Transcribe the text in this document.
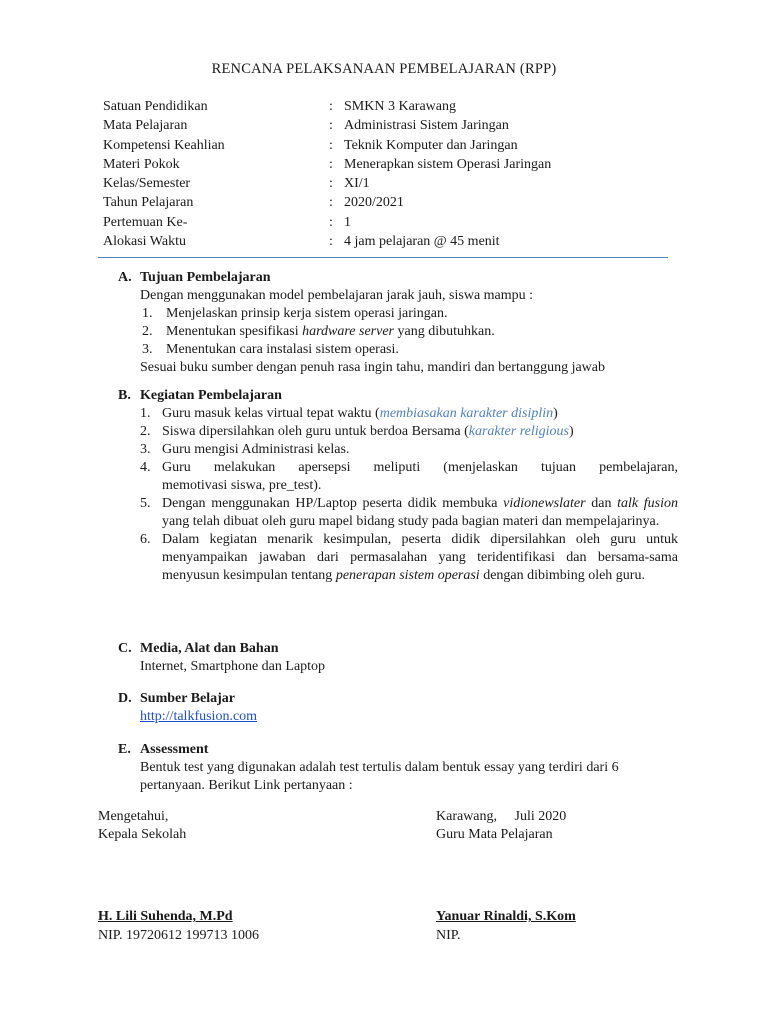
RENCANA PELAKSANAAN PEMBELAJARAN (RPP)
Satuan Pendidikan	: SMKN 3 Karawang
Mata Pelajaran	: Administrasi Sistem Jaringan
Kompetensi Keahlian	: Teknik Komputer dan Jaringan
Materi Pokok	: Menerapkan sistem Operasi Jaringan
Kelas/Semester	: XI/1
Tahun Pelajaran	: 2020/2021
Pertemuan Ke-	: 1
Alokasi Waktu	: 4 jam pelajaran @ 45 menit
A. Tujuan Pembelajaran
Dengan menggunakan model pembelajaran jarak jauh, siswa mampu :
1. Menjelaskan prinsip kerja sistem operasi jaringan.
2. Menentukan spesifikasi hardware server yang dibutuhkan.
3. Menentukan cara instalasi sistem operasi.
Sesuai buku sumber dengan penuh rasa ingin tahu, mandiri dan bertanggung jawab
B. Kegiatan Pembelajaran
1. Guru masuk kelas virtual tepat waktu (membiasakan karakter disiplin)
2. Siswa dipersilahkan oleh guru untuk berdoa Bersama (karakter religious)
3. Guru mengisi Administrasi kelas.
4. Guru melakukan apersepsi meliputi (menjelaskan tujuan pembelajaran,
memotivasi siswa, pre_test).
5. Dengan menggunakan HP/Laptop peserta didik membuka vidionewslater dan talk fusion yang telah dibuat oleh guru mapel bidang study pada bagian materi dan mempelajarinya.
6. Dalam kegiatan menarik kesimpulan, peserta didik dipersilahkan oleh guru untuk menyampaikan jawaban dari permasalahan yang teridentifikasi dan bersama-sama menyusun kesimpulan tentang penerapan sistem operasi dengan dibimbing oleh guru.
C. Media, Alat dan Bahan
Internet, Smartphone dan Laptop
D. Sumber Belajar
http://talkfusion.com
E. Assessment
Bentuk test yang digunakan adalah test tertulis dalam bentuk essay yang terdiri dari 6
pertanyaan. Berikut Link pertanyaan :
Mengetahui,
Kepala Sekolah
H. Lili Suhenda, M.Pd
NIP. 19720612 199713 1006
Karawang,     Juli 2020
Guru Mata Pelajaran
Yanuar Rinaldi, S.Kom
NIP.
